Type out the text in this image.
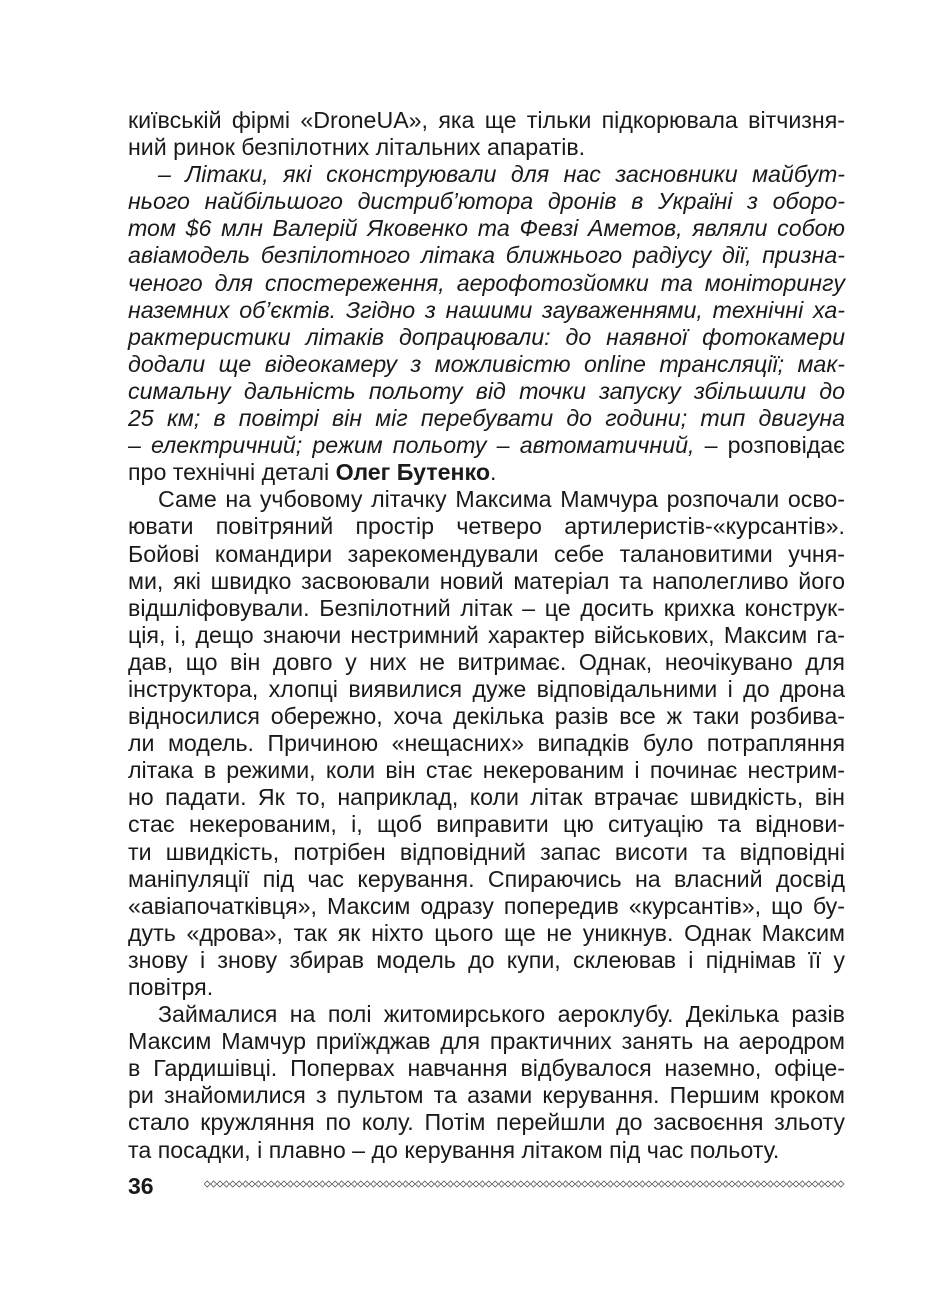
київській фірмі «DroneUA», яка ще тільки підкорювала вітчизня-
ний ринок безпілотних літальних апаратів.
– Літаки, які сконструювали для нас засновники майбут-
нього найбільшого дистриб’ютора дронів в Україні з оборо-
том $6 млн Валерій Яковенко та Февзі Аметов, являли собою
авіамодель безпілотного літака ближнього радіусу дії, призна-
ченого для спостереження, аерофотозйомки та моніторингу
наземних об’єктів. Згідно з нашими зауваженнями, технічні ха-
рактеристики літаків допрацювали: до наявної фотокамери
додали ще відеокамеру з можливістю online трансляції; мак-
симальну дальність польоту від точки запуску збільшили до
25 км; в повітрі він міг перебувати до години; тип двигуна
– електричний; режим польоту – автоматичний, – розповідає
про технічні деталі Олег Бутенко.
Саме на учбовому літачку Максима Мамчура розпочали осво-
ювати повітряний простір четверо артилеристів-«курсантів».
Бойові командири зарекомендували себе талановитими учня-
ми, які швидко засвоювали новий матеріал та наполегливо його
відшліфовували. Безпілотний літак – це досить крихка конструк-
ція, і, дещо знаючи нестримний характер військових, Максим га-
дав, що він довго у них не витримає. Однак, неочікувано для
інструктора, хлопці виявилися дуже відповідальними і до дрона
відносилися обережно, хоча декілька разів все ж таки розбива-
ли модель. Причиною «нещасних» випадків було потрапляння
літака в режими, коли він стає некерованим і починає нестрим-
но падати. Як то, наприклад, коли літак втрачає швидкість, він
стає некерованим, і, щоб виправити цю ситуацію та віднови-
ти швидкість, потрібен відповідний запас висоти та відповідні
маніпуляції під час керування. Спираючись на власний досвід
«авіапочатківця», Максим одразу попередив «курсантів», що бу-
дуть «дрова», так як ніхто цього ще не уникнув. Однак Максим
знову і знову збирав модель до купи, склеював і піднімав її у
повітря.
Займалися на полі житомирського аероклубу. Декілька разів
Максим Мамчур приїжджав для практичних занять на аеродром
в Гардишівці. Попервах навчання відбувалося наземно, офіце-
ри знайомилися з пультом та азами керування. Першим кроком
стало кружляння по колу. Потім перейшли до засвоєння зльоту
та посадки, і плавно – до керування літаком під час польоту.
36
